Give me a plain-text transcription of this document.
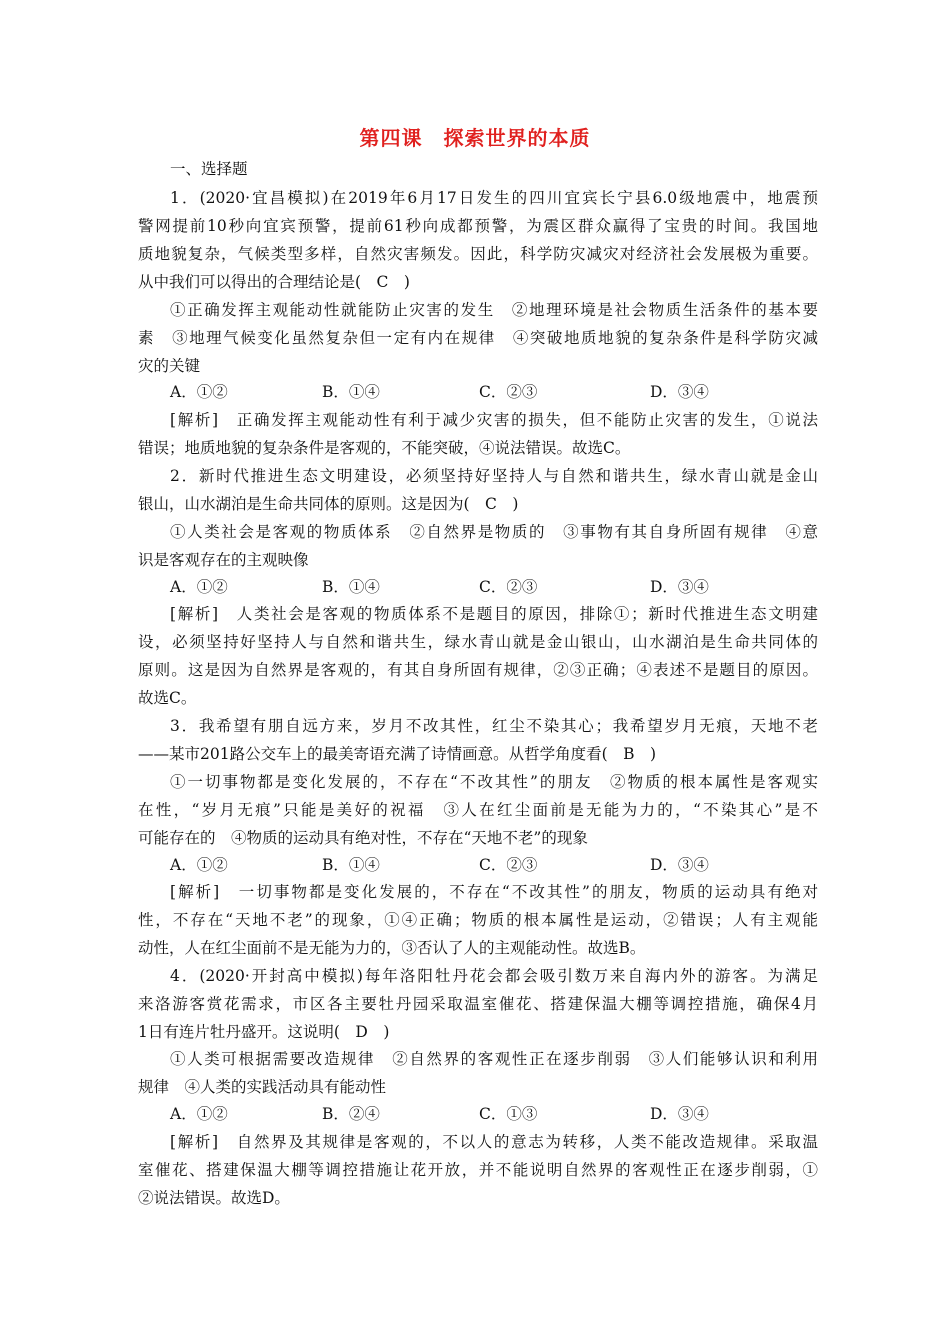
第四课　探索世界的本质
一、选择题
1．(2020·宜昌模拟)在2019年6月17日发生的四川宜宾长宁县6.0级地震中，地震预
警网提前10秒向宜宾预警，提前61秒向成都预警，为震区群众赢得了宝贵的时间。我国地
质地貌复杂，气候类型多样，自然灾害频发。因此，科学防灾减灾对经济社会发展极为重要。
从中我们可以得出的合理结论是(　C　)
①正确发挥主观能动性就能防止灾害的发生　②地理环境是社会物质生活条件的基本要
素　③地理气候变化虽然复杂但一定有内在规律　④突破地质地貌的复杂条件是科学防灾减
灾的关键
A．①②	B．①④	C．②③	D．③④
[解析]　正确发挥主观能动性有利于减少灾害的损失，但不能防止灾害的发生，①说法
错误；地质地貌的复杂条件是客观的，不能突破，④说法错误。故选C。
2．新时代推进生态文明建设，必须坚持好坚持人与自然和谐共生，绿水青山就是金山
银山，山水湖泊是生命共同体的原则。这是因为(　C　)
①人类社会是客观的物质体系　②自然界是物质的　③事物有其自身所固有规律　④意
识是客观存在的主观映像
A．①②	B．①④	C．②③	D．③④
[解析]　人类社会是客观的物质体系不是题目的原因，排除①；新时代推进生态文明建
设，必须坚持好坚持人与自然和谐共生，绿水青山就是金山银山，山水湖泊是生命共同体的
原则。这是因为自然界是客观的，有其自身所固有规律，②③正确；④表述不是题目的原因。
故选C。
3．我希望有朋自远方来，岁月不改其性，红尘不染其心；我希望岁月无痕，天地不老
——某市201路公交车上的最美寄语充满了诗情画意。从哲学角度看(　B　)
①一切事物都是变化发展的，不存在“不改其性”的朋友　②物质的根本属性是客观实
在性，“岁月无痕”只能是美好的祝福　③人在红尘面前是无能为力的，“不染其心”是不
可能存在的　④物质的运动具有绝对性，不存在“天地不老”的现象
A．①②	B．①④	C．②③	D．③④
[解析]　一切事物都是变化发展的，不存在“不改其性”的朋友，物质的运动具有绝对
性，不存在“天地不老”的现象，①④正确；物质的根本属性是运动，②错误；人有主观能
动性，人在红尘面前不是无能为力的，③否认了人的主观能动性。故选B。
4．(2020·开封高中模拟)每年洛阳牡丹花会都会吸引数万来自海内外的游客。为满足
来洛游客赏花需求，市区各主要牡丹园采取温室催花、搭建保温大棚等调控措施，确保4月
1日有连片牡丹盛开。这说明(　D　)
①人类可根据需要改造规律　②自然界的客观性正在逐步削弱　③人们能够认识和利用
规律　④人类的实践活动具有能动性
A．①②	B．②④	C．①③	D．③④
[解析]　自然界及其规律是客观的，不以人的意志为转移，人类不能改造规律。采取温
室催花、搭建保温大棚等调控措施让花开放，并不能说明自然界的客观性正在逐步削弱，①
②说法错误。故选D。
